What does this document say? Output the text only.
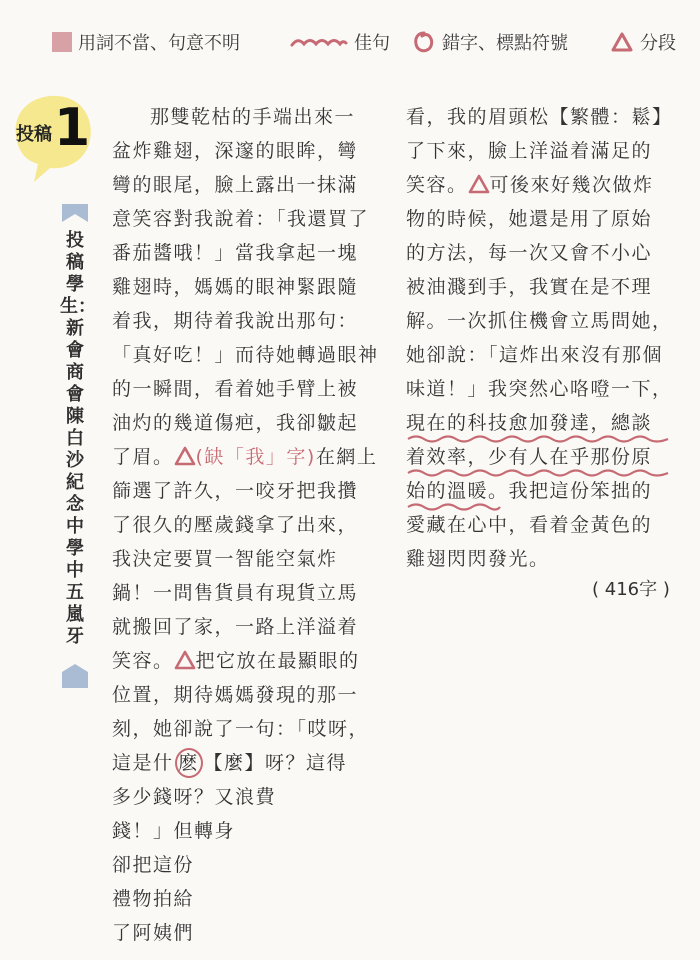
用詞不當、句意不明	佳句	錯字、標點符號	分段
投稿 1
投稿學生：新會商會陳白沙紀念中學 中五 嵐牙
那雙乾枯的手端出來一
盆炸雞翅，深邃的眼眸，彎
彎的眼尾，臉上露出一抹滿
意笑容對我說着：「我還買了
番茄醬哦！」當我拿起一塊
雞翅時，媽媽的眼神緊跟隨
着我，期待着我說出那句：
「真好吃！」而待她轉過眼神
的一瞬間，看着她手臂上被
油灼的幾道傷疤，我卻皺起
了眉。 (缺「我」字)在網上
篩選了許久，一咬牙把我攢
了很久的壓歲錢拿了出來，
我決定要買一智能空氣炸
鍋！一問售貨員有現貨立馬
就搬回了家，一路上洋溢着
笑容。 把它放在最顯眼的
位置，期待媽媽發現的那一
刻，她卻說了一句：「哎呀，
這是什 麽 【麼】呀？這得
多少錢呀？又浪費
錢！」但轉身
卻把這份
禮物拍給
了阿姨們
看，我的眉頭松【繁體：鬆】
了下來，臉上洋溢着滿足的
笑容。 可後來好幾次做炸
物的時候，她還是用了原始
的方法，每一次又會不小心
被油濺到手，我實在是不理
解。一次抓住機會立馬問她，
她卻說：「這炸出來沒有那個
味道！」我突然心咯噔一下，
現在的科技愈加發達，總談
着效率，少有人在乎那份原
始的溫暖。我把這份笨拙的
愛藏在心中，看着金黃色的
雞翅閃閃發光。
( 416字 )
